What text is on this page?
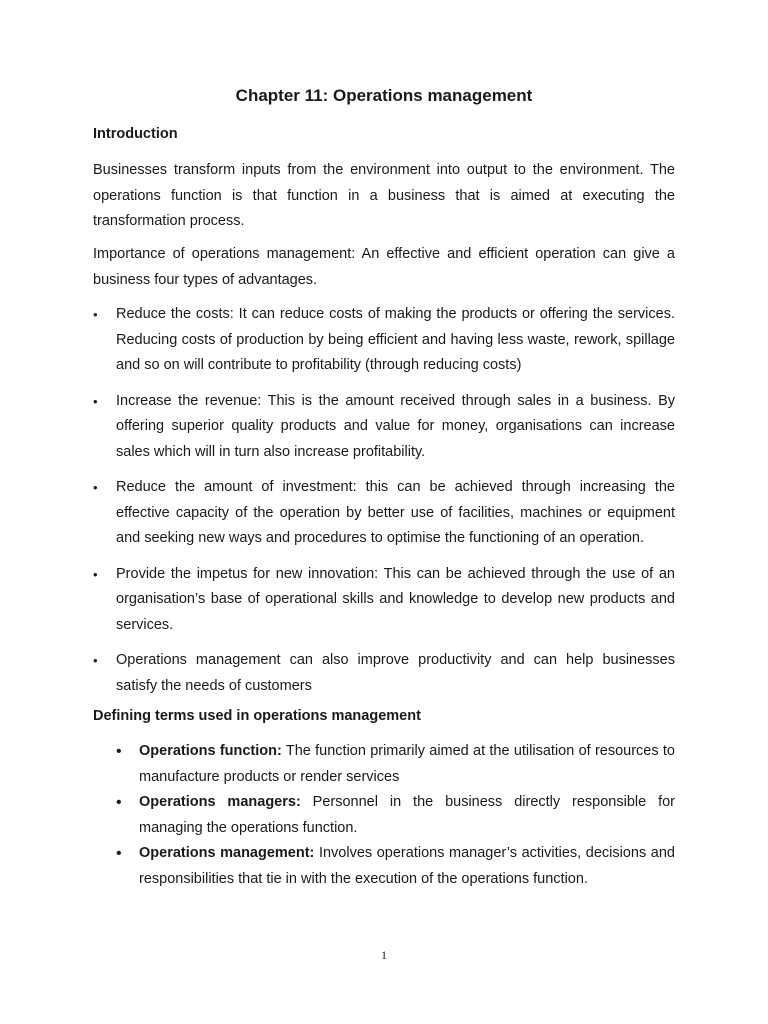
Chapter 11: Operations management
Introduction
Businesses transform inputs from the environment into output to the environment. The operations function is that function in a business that is aimed at executing the transformation process.
Importance of operations management: An effective and efficient operation can give a business four types of advantages.
• Reduce the costs: It can reduce costs of making the products or offering the services. Reducing costs of production by being efficient and having less waste, rework, spillage and so on will contribute to profitability (through reducing costs)
• Increase the revenue: This is the amount received through sales in a business. By offering superior quality products and value for money, organisations can increase sales which will in turn also increase profitability.
• Reduce the amount of investment: this can be achieved through increasing the effective capacity of the operation by better use of facilities, machines or equipment and seeking new ways and procedures to optimise the functioning of an operation.
• Provide the impetus for new innovation: This can be achieved through the use of an organisation’s base of operational skills and knowledge to develop new products and services.
• Operations management can also improve productivity and can help businesses satisfy the needs of customers
Defining terms used in operations management
• Operations function: The function primarily aimed at the utilisation of resources to manufacture products or render services
• Operations managers: Personnel in the business directly responsible for managing the operations function.
• Operations management: Involves operations manager’s activities, decisions and responsibilities that tie in with the execution of the operations function.
1
